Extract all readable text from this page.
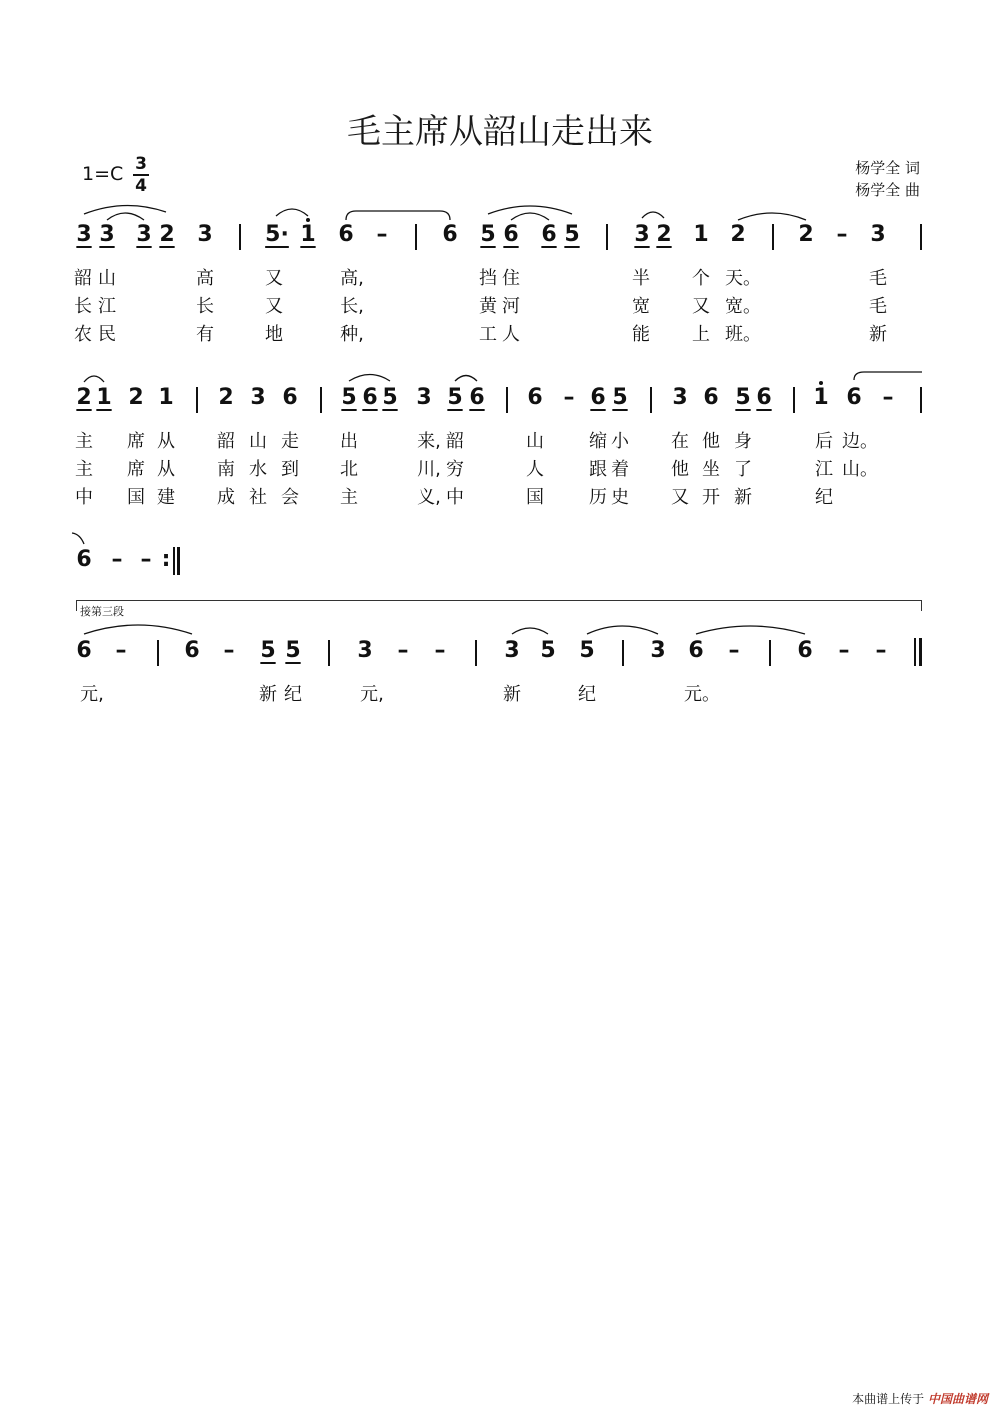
毛主席从韶山走出来
1=C 3
4
杨学全 词
杨学全 曲
3 3 3 2 3 5· 1 6 – 6 5 6 6 5 3 2 1 2 2 – 3
韶 山	高	又	高,	挡 住	半 个 天。	毛
长 江	长	又	长,	黄 河	宽 又 宽。	毛
农 民	有	地	种,	工 人	能 上 班。	新
2 1 2 1 2 3 6 5 6 5 3 5 6 6 – 6 5 3 6 5 6 1 6 –
主 席 从 韶 山 走 出	来, 韶	山	缩 小 在 他 身	后 边。
主 席 从 南 水 到 北	川, 穷	人	跟 着 他 坐 了	江 山。
中 国 建 成 社 会 主	义, 中	国	历 史 又 开 新	纪
6 – – :
接第三段
6 –	6 – 5 5	3 – –	3 5 5	3 6 –	6 – –
元,	新 纪	元,	新	纪	元。
本曲谱上传于 中国曲谱网
